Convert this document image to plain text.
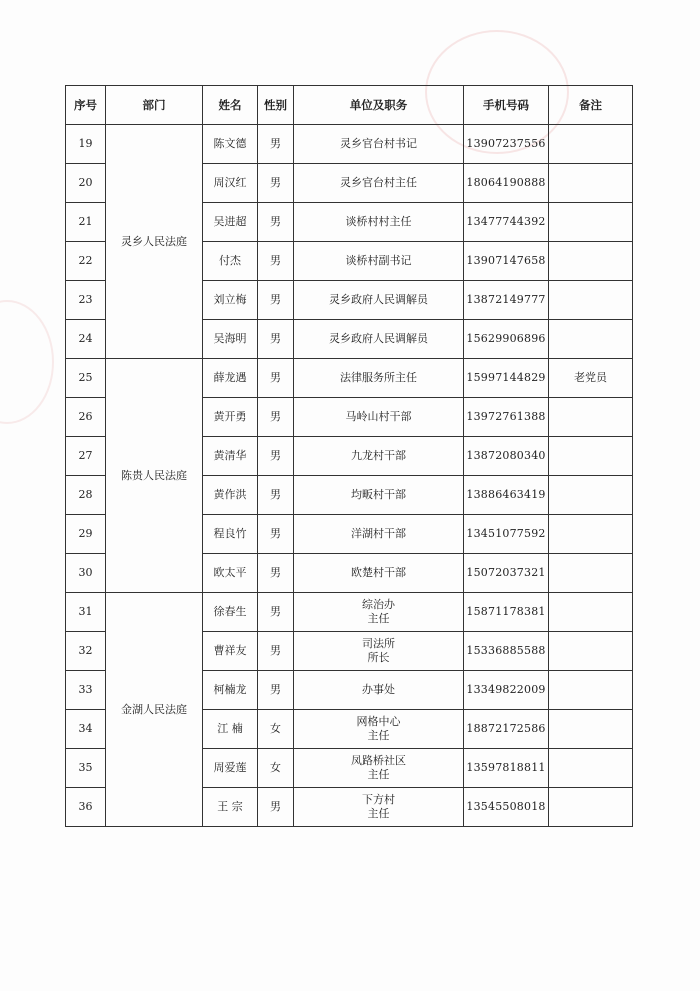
序号	部门	姓名	性别	单位及职务	手机号码	备注
19	灵乡人民法庭	陈文德	男	灵乡官台村书记	13907237556	
20		周汉红	男	灵乡官台村主任	18064190888	
21		吴进超	男	谈桥村村主任	13477744392	
22		付杰	男	谈桥村副书记	13907147658	
23		刘立梅	男	灵乡政府人民调解员	13872149777	
24		吴海明	男	灵乡政府人民调解员	15629906896	
25	陈贵人民法庭	薛龙遇	男	法律服务所主任	15997144829	老党员
26		黄开勇	男	马岭山村干部	13972761388	
27		黄清华	男	九龙村干部	13872080340	
28		黄作洪	男	均畈村干部	13886463419	
29		程良竹	男	洋湖村干部	13451077592	
30		欧太平	男	欧楚村干部	15072037321	
31	金湖人民法庭	徐春生	男	综治办
主任	15871178381	
32		曹祥友	男	司法所
所长	15336885588	
33		柯楠龙	男	办事处	13349822009	
34		江 楠	女	网格中心
主任	18872172586	
35		周爱莲	女	凤路桥社区
主任	13597818811	
36		王 宗	男	下方村
主任	13545508018	
